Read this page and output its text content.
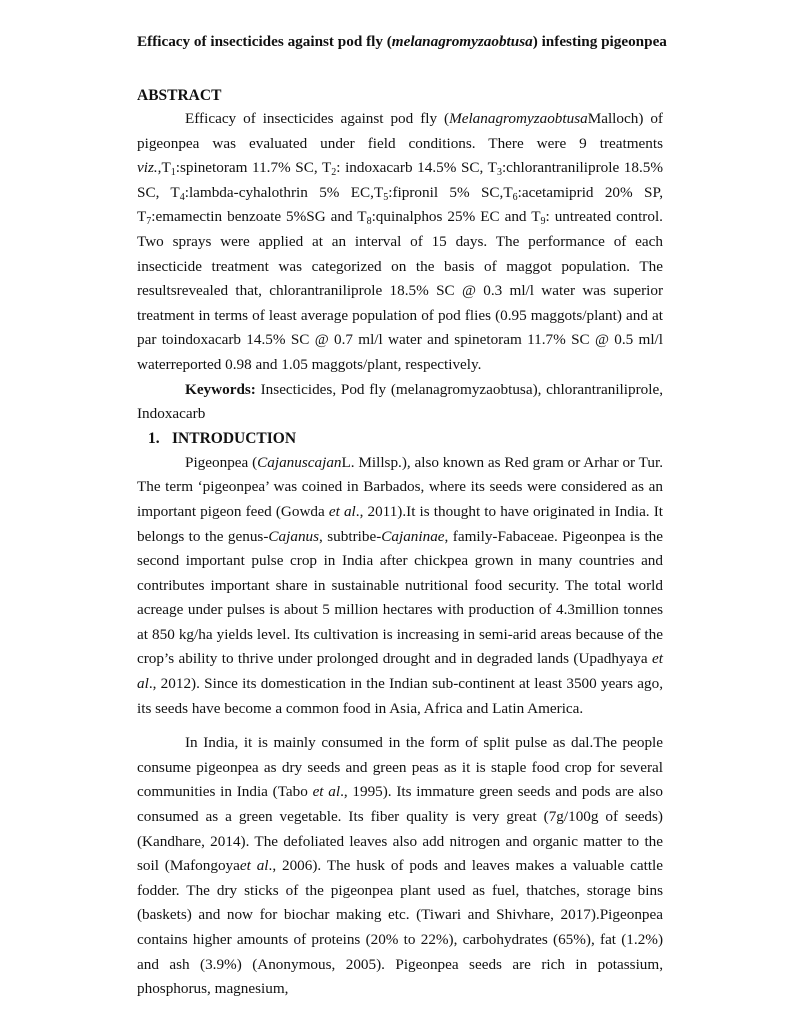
Efficacy of insecticides against pod fly (melanagromyzaobtusa) infesting pigeonpea
ABSTRACT

Efficacy of insecticides against pod fly (MelanagromyzaobtusaMalloch) of pigeonpea was evaluated under field conditions. There were 9 treatments $viz.,T_1:spinetoram$ 11.7% SC, $T_2$: indoxacarb 14.5% SC, $T_3:chlorantraniliprole$ 18.5% SC, $T_4:lambda$-cyhalothrin 5% $EC,T_5:fipronil$ 5% $SC,T_6:acetamiprid$ 20% SP, $T_7:emamectin$ benzoate 5%SG and $T_8:quinalphos$ 25% EC and $T_9$: untreated control. Two sprays were applied at an interval of 15 days. The performance of each insecticide treatment was categorized on the basis of maggot population. The resultsrevealed that, chlorantraniliprole 18.5% SC @ 0.3 ml/l water was superior treatment in terms of least average population of pod flies (0.95 maggots/plant) and at par toindoxacarb 14.5% SC @ 0.7 ml/l water and spinetoram 11.7% SC @ 0.5 ml/l waterreported 0.98 and 1.05 maggots/plant, respectively.

Keywords: Insecticides, Pod fly (melanagromyzaobtusa), chlorantraniliprole, Indoxacarb

1. INTRODUCTION

Pigeonpea (CajanuscajanL. Millsp.), also known as Red gram or Arhar or Tur. The term ‘pigeonpea’ was coined in Barbados, where its seeds were considered as an important pigeon feed (Gowda et al., 2011).It is thought to have originated in India. It belongs to the genus-Cajanus, subtribe-Cajaninae, family-Fabaceae. Pigeonpea is the second important pulse crop in India after chickpea grown in many countries and contributes important share in sustainable nutritional food security. The total world acreage under pulses is about 5 million hectares with production of 4.3million tonnes at 850 kg/ha yields level. Its cultivation is increasing in semi-arid areas because of the crop’s ability to thrive under prolonged drought and in degraded lands (Upadhyaya et al., 2012). Since its domestication in the Indian sub-continent at least 3500 years ago, its seeds have become a common food in Asia, Africa and Latin America.

In India, it is mainly consumed in the form of split pulse as dal.The people consume pigeonpea as dry seeds and green peas as it is staple food crop for several communities in India (Tabo et al., 1995). Its immature green seeds and pods are also consumed as a green vegetable. Its fiber quality is very great (7g/100g of seeds) (Kandhare, 2014). The defoliated leaves also add nitrogen and organic matter to the soil (Mafongoyaet al., 2006). The husk of pods and leaves makes a valuable cattle fodder. The dry sticks of the pigeonpea plant used as fuel, thatches, storage bins (baskets) and now for biochar making etc. (Tiwari and Shivhare, 2017).Pigeonpea contains higher amounts of proteins (20% to 22%), carbohydrates (65%), fat (1.2%) and ash (3.9%) (Anonymous, 2005). Pigeonpea seeds are rich in potassium, phosphorus, magnesium,
